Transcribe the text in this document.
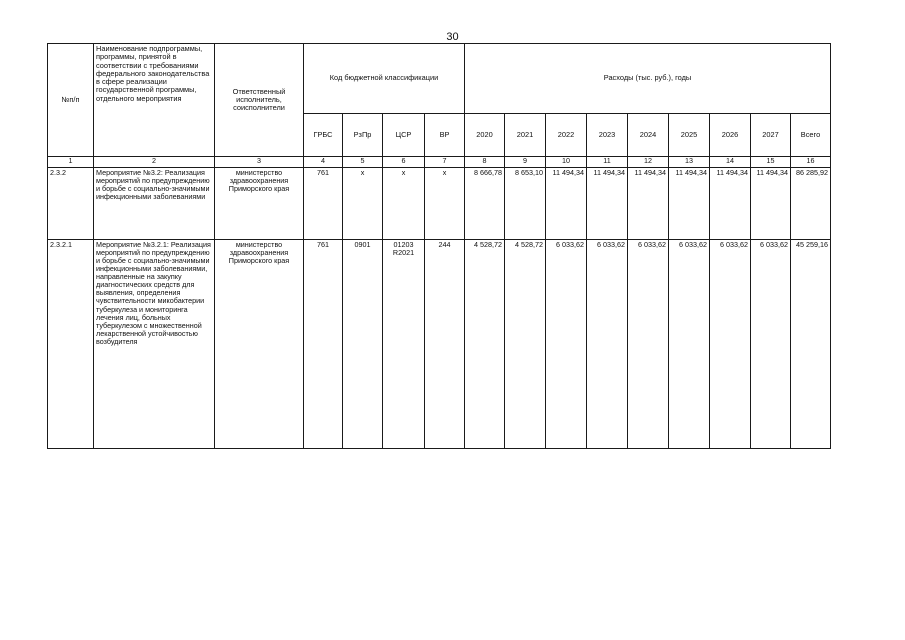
30
№п/п	Наименование подпрограммы, программы, принятой в соответствии с требованиями федерального законодательства в сфере реализации государственной программы, отдельного мероприятия	Ответственный исполнитель, соисполнители	Код бюджетной классификации				Расходы (тыс. руб.), годы								
			ГРБС	РзПр	ЦСР	ВР	2020	2021	2022	2023	2024	2025	2026	2027	Всего
1	2	3	4	5	6	7	8	9	10	11	12	13	14	15	16
2.3.2	Мероприятие №3.2: Реализация мероприятий по предупреждению и борьбе с социально-значимыми инфекционными заболеваниями	министерство здравоохранения Приморского края	761	х	х	х	8 666,78	8 653,10	11 494,34	11 494,34	11 494,34	11 494,34	11 494,34	11 494,34	86 285,92
2.3.2.1	Мероприятие №3.2.1: Реализация мероприятий по предупреждению и борьбе с социально-значимыми инфекционными заболеваниями, направленные на закупку диагностических средств для выявления, определения чувствительности микобактерии туберкулеза и мониторинга лечения лиц, больных туберкулезом с множественной лекарственной устойчивостью возбудителя	министерство здравоохранения Приморского края	761	0901	01203 R2021	244	4 528,72	4 528,72	6 033,62	6 033,62	6 033,62	6 033,62	6 033,62	6 033,62	45 259,16
